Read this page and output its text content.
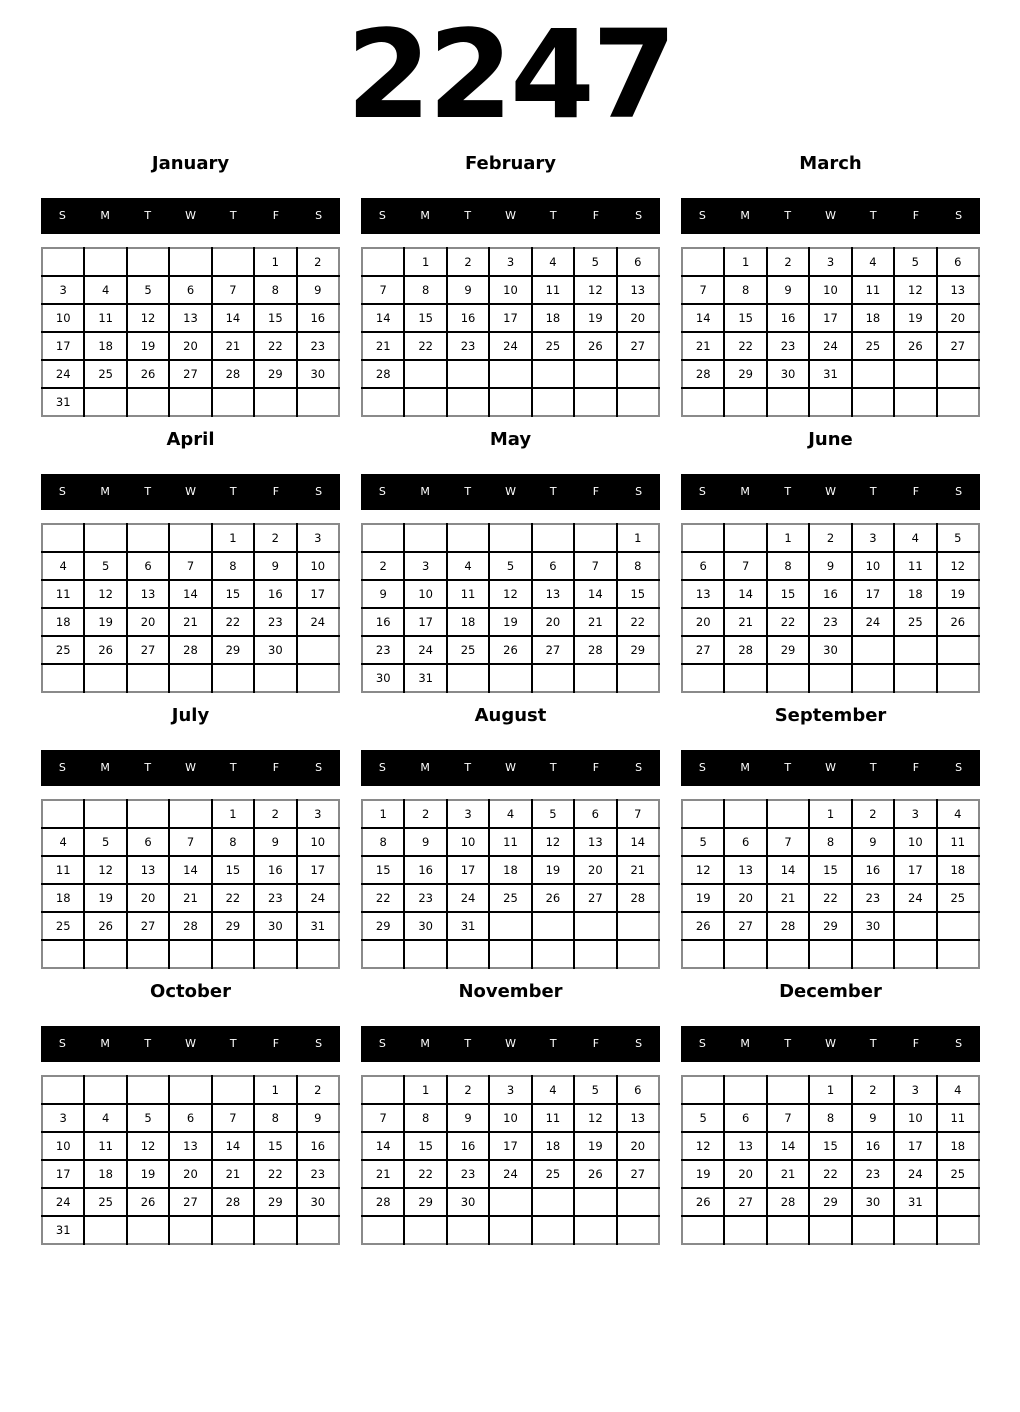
2247
January
S	M	T	W	T	F	S
					1	2
3	4	5	6	7	8	9
10	11	12	13	14	15	16
17	18	19	20	21	22	23
24	25	26	27	28	29	30
31						
February
S	M	T	W	T	F	S
	1	2	3	4	5	6
7	8	9	10	11	12	13
14	15	16	17	18	19	20
21	22	23	24	25	26	27
28						

March
S	M	T	W	T	F	S
	1	2	3	4	5	6
7	8	9	10	11	12	13
14	15	16	17	18	19	20
21	22	23	24	25	26	27
28	29	30	31			

April
S	M	T	W	T	F	S
				1	2	3
4	5	6	7	8	9	10
11	12	13	14	15	16	17
18	19	20	21	22	23	24
25	26	27	28	29	30	

May
S	M	T	W	T	F	S
						1
2	3	4	5	6	7	8
9	10	11	12	13	14	15
16	17	18	19	20	21	22
23	24	25	26	27	28	29
30	31					
June
S	M	T	W	T	F	S
		1	2	3	4	5
6	7	8	9	10	11	12
13	14	15	16	17	18	19
20	21	22	23	24	25	26
27	28	29	30			

July
S	M	T	W	T	F	S
				1	2	3
4	5	6	7	8	9	10
11	12	13	14	15	16	17
18	19	20	21	22	23	24
25	26	27	28	29	30	31

August
S	M	T	W	T	F	S
1	2	3	4	5	6	7
8	9	10	11	12	13	14
15	16	17	18	19	20	21
22	23	24	25	26	27	28
29	30	31				

September
S	M	T	W	T	F	S
			1	2	3	4
5	6	7	8	9	10	11
12	13	14	15	16	17	18
19	20	21	22	23	24	25
26	27	28	29	30		

October
S	M	T	W	T	F	S
					1	2
3	4	5	6	7	8	9
10	11	12	13	14	15	16
17	18	19	20	21	22	23
24	25	26	27	28	29	30
31						
November
S	M	T	W	T	F	S
	1	2	3	4	5	6
7	8	9	10	11	12	13
14	15	16	17	18	19	20
21	22	23	24	25	26	27
28	29	30				

December
S	M	T	W	T	F	S
			1	2	3	4
5	6	7	8	9	10	11
12	13	14	15	16	17	18
19	20	21	22	23	24	25
26	27	28	29	30	31	
